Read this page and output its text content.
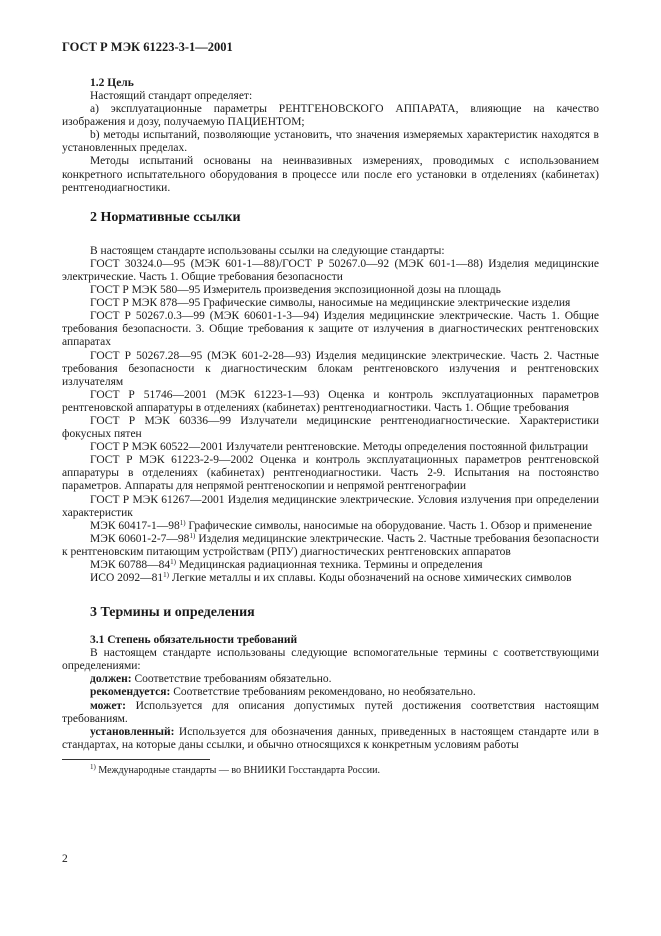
ГОСТ Р МЭК 61223-3-1—2001
1.2 Цель

Настоящий стандарт определяет:

а) эксплуатационные параметры РЕНТГЕНОВСКОГО АППАРАТА, влияющие на качество изображения и дозу, получаемую ПАЦИЕНТОМ;

b) методы испытаний, позволяющие установить, что значения измеряемых характеристик находятся в установленных пределах.

Методы испытаний основаны на неинвазивных измерениях, проводимых с использованием конкретного испытательного оборудования в процессе или после его установки в отделениях (кабинетах) рентгенодиагностики.

2 Нормативные ссылки

В настоящем стандарте использованы ссылки на следующие стандарты:

ГОСТ 30324.0—95 (МЭК 601-1—88)/ГОСТ Р 50267.0—92 (МЭК 601-1—88) Изделия медицинские электрические. Часть 1. Общие требования безопасности

ГОСТ Р МЭК 580—95 Измеритель произведения экспозиционной дозы на площадь

ГОСТ Р МЭК 878—95 Графические символы, наносимые на медицинские электрические изделия

ГОСТ Р 50267.0.3—99 (МЭК 60601-1-3—94) Изделия медицинские электрические. Часть 1. Общие требования безопасности. 3. Общие требования к защите от излучения в диагностических рентгеновских аппаратах

ГОСТ Р 50267.28—95 (МЭК 601-2-28—93) Изделия медицинские электрические. Часть 2. Частные требования безопасности к диагностическим блокам рентгеновского излучения и рентгеновских излучателям

ГОСТ Р 51746—2001 (МЭК 61223-1—93) Оценка и контроль эксплуатационных параметров рентгеновской аппаратуры в отделениях (кабинетах) рентгенодиагностики. Часть 1. Общие требования

ГОСТ Р МЭК 60336—99 Излучатели медицинские рентгенодиагностические. Характеристики фокусных пятен

ГОСТ Р МЭК 60522—2001 Излучатели рентгеновские. Методы определения постоянной фильтрации

ГОСТ Р МЭК 61223-2-9—2002 Оценка и контроль эксплуатационных параметров рентгеновской аппаратуры в отделениях (кабинетах) рентгенодиагностики. Часть 2-9. Испытания на постоянство параметров. Аппараты для непрямой рентгеноскопии и непрямой рентгенографии

ГОСТ Р МЭК 61267—2001 Изделия медицинские электрические. Условия излучения при определении характеристик

МЭК 60417-1—98$^{1)}$ Графические символы, наносимые на оборудование. Часть 1. Обзор и применение

МЭК 60601-2-7—98$^{1)}$ Изделия медицинские электрические. Часть 2. Частные требования безопасности к рентгеновским питающим устройствам (РПУ) диагностических рентгеновских аппаратов

МЭК 60788—84$^{1)}$ Медицинская радиационная техника. Термины и определения

ИСО 2092—81$^{1)}$ Легкие металлы и их сплавы. Коды обозначений на основе химических символов

3 Термины и определения
3.1 Степень обязательности требований

В настоящем стандарте использованы следующие вспомогательные термины с соответствующими определениями:

должен: Соответствие требованиям обязательно.

рекомендуется: Соответствие требованиям рекомендовано, но необязательно.

может: Используется для описания допустимых путей достижения соответствия настоящим требованиям.

установленный: Используется для обозначения данных, приведенных в настоящем стандарте или в стандартах, на которые даны ссылки, и обычно относящихся к конкретным условиям работы

$^{1)}$ Международные стандарты — во ВНИИКИ Госстандарта России.
2
